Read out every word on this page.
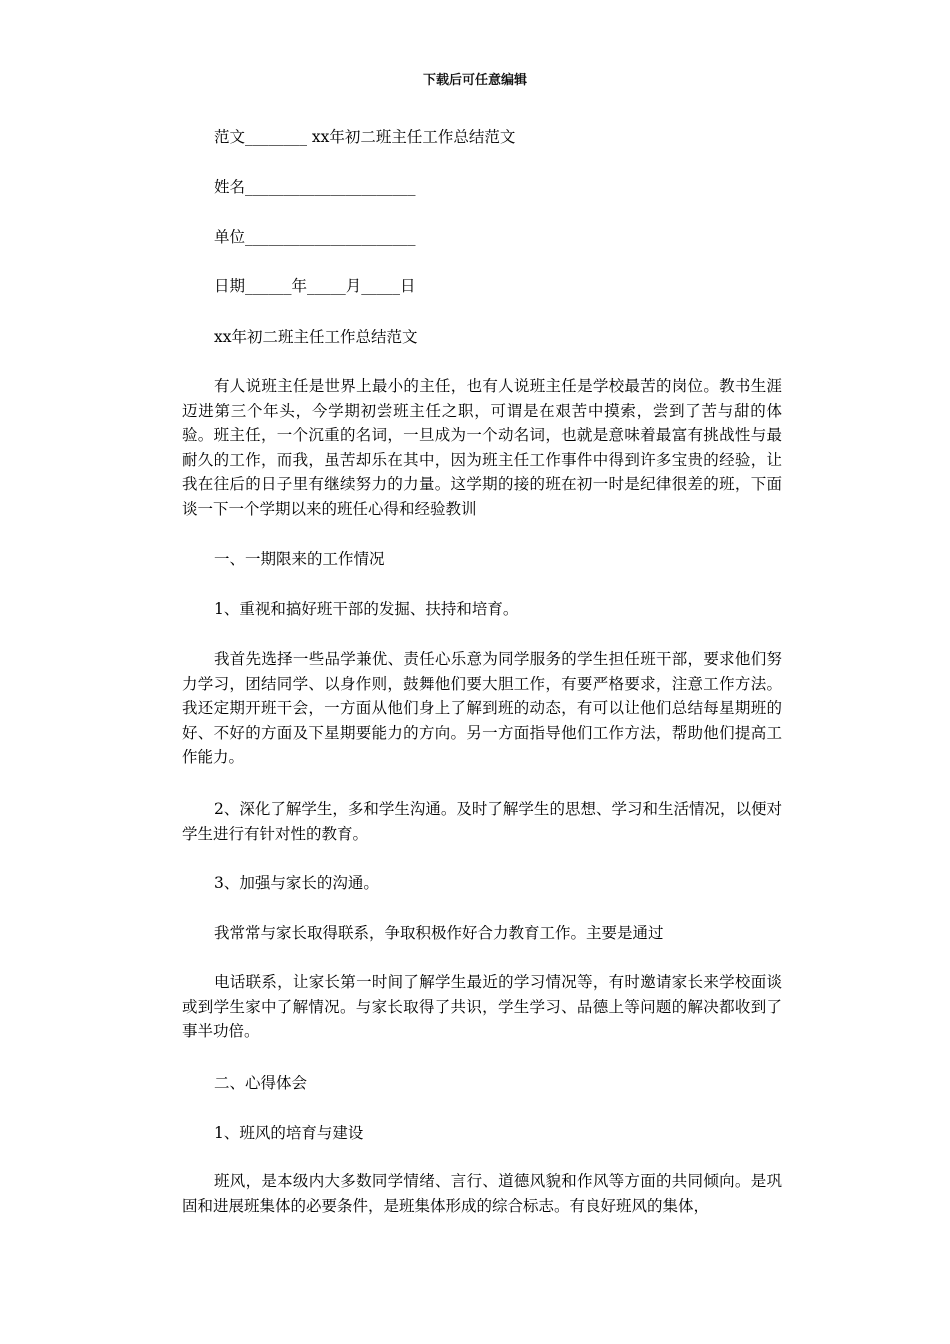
下载后可任意编辑
范文________ xx年初二班主任工作总结范文
姓名______________________
单位______________________
日期______年_____月_____日
xx年初二班主任工作总结范文
有人说班主任是世界上最小的主任，也有人说班主任是学校最苦的岗位。教书生涯迈进第三个年头，今学期初尝班主任之职，可谓是在艰苦中摸索，尝到了苦与甜的体验。班主任，一个沉重的名词，一旦成为一个动名词，也就是意味着最富有挑战性与最耐久的工作，而我，虽苦却乐在其中，因为班主任工作事件中得到许多宝贵的经验，让我在往后的日子里有继续努力的力量。这学期的接的班在初一时是纪律很差的班，下面谈一下一个学期以来的班任心得和经验教训
一、一期限来的工作情况
1、重视和搞好班干部的发掘、扶持和培育。
我首先选择一些品学兼优、责任心乐意为同学服务的学生担任班干部，要求他们努力学习，团结同学、以身作则，鼓舞他们要大胆工作，有要严格要求，注意工作方法。我还定期开班干会，一方面从他们身上了解到班的动态，有可以让他们总结每星期班的好、不好的方面及下星期要能力的方向。另一方面指导他们工作方法，帮助他们提高工作能力。
2、深化了解学生，多和学生沟通。及时了解学生的思想、学习和生活情况，以便对学生进行有针对性的教育。
3、加强与家长的沟通。
我常常与家长取得联系，争取积极作好合力教育工作。主要是通过
电话联系，让家长第一时间了解学生最近的学习情况等，有时邀请家长来学校面谈或到学生家中了解情况。与家长取得了共识，学生学习、品德上等问题的解决都收到了事半功倍。
二、心得体会
1、班风的培育与建设
班风，是本级内大多数同学情绪、言行、道德风貌和作风等方面的共同倾向。是巩固和进展班集体的必要条件，是班集体形成的综合标志。有良好班风的集体，
